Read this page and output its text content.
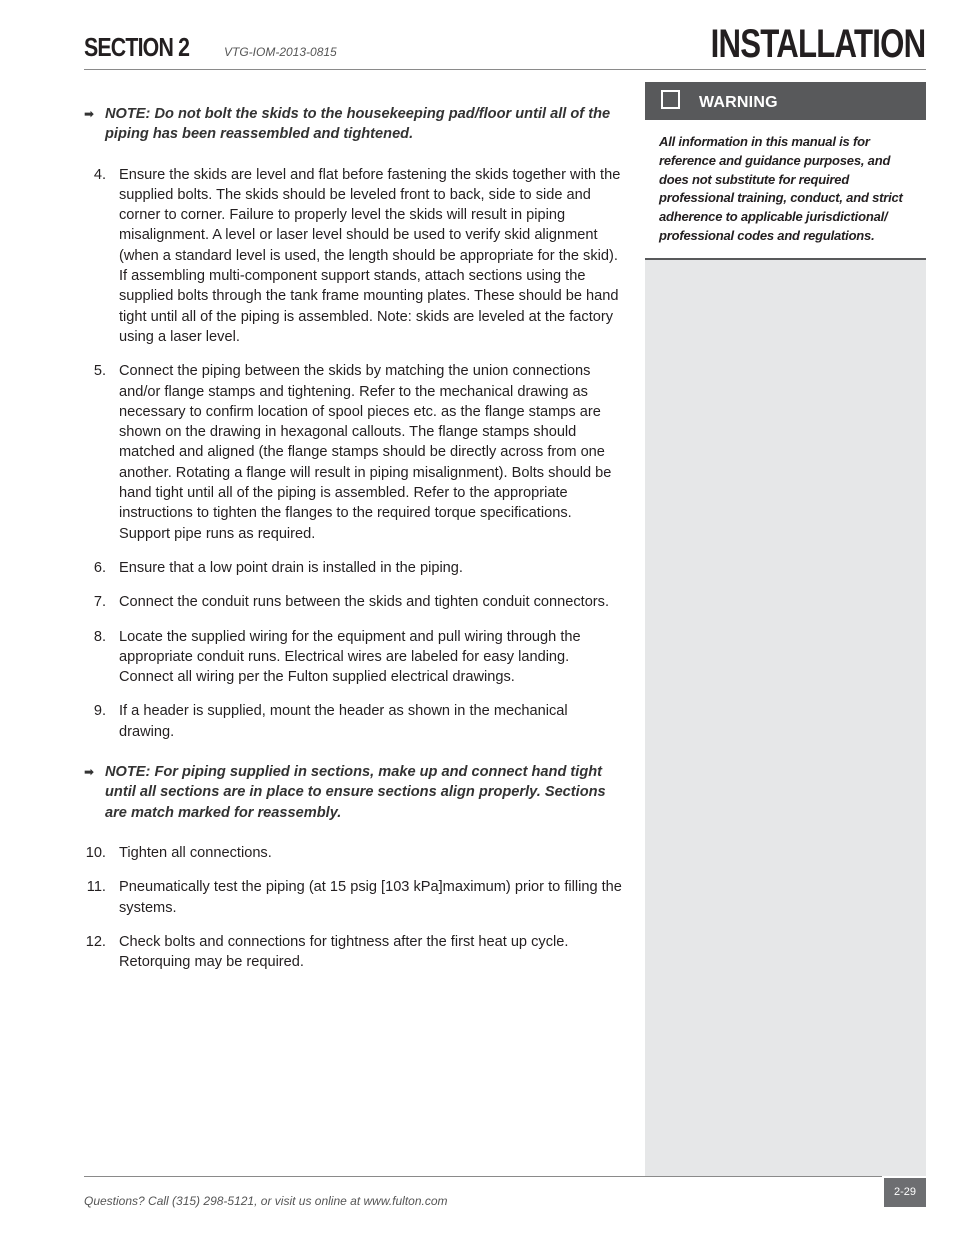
SECTION 2	VTG-IOM-2013-0815	INSTALLATION

➡ NOTE: Do not bolt the skids to the housekeeping pad/floor until all of the piping has been reassembled and tightened.

4. Ensure the skids are level and flat before fastening the skids together with the supplied bolts. The skids should be leveled front to back, side to side and corner to corner. Failure to properly level the skids will result in piping misalignment. A level or laser level should be used to verify skid alignment (when a standard level is used, the length should be appropriate for the skid). If assembling multi-component support stands, attach sections using the supplied bolts through the tank frame mounting plates. These should be hand tight until all of the piping is assembled. Note: skids are leveled at the factory using a laser level.

5. Connect the piping between the skids by matching the union connections and/or flange stamps and tightening. Refer to the mechanical drawing as necessary to confirm location of spool pieces etc. as the flange stamps are shown on the drawing in hexagonal callouts. The flange stamps should matched and aligned (the flange stamps should be directly across from one another. Rotating a flange will result in piping misalignment). Bolts should be hand tight until all of the piping is assembled. Refer to the appropriate instructions to tighten the flanges to the required torque specifications. Support pipe runs as required.

6. Ensure that a low point drain is installed in the piping.

7. Connect the conduit runs between the skids and tighten conduit connectors.

8. Locate the supplied wiring for the equipment and pull wiring through the appropriate conduit runs. Electrical wires are labeled for easy landing. Connect all wiring per the Fulton supplied electrical drawings.

9. If a header is supplied, mount the header as shown in the mechanical drawing.

➡ NOTE: For piping supplied in sections, make up and connect hand tight until all sections are in place to ensure sections align properly. Sections are match marked for reassembly.

10. Tighten all connections.

11. Pneumatically test the piping (at 15 psig [103 kPa]maximum) prior to filling the systems.

12. Check bolts and connections for tightness after the first heat up cycle. Retorquing may be required.

WARNING
All information in this manual is for reference and guidance purposes, and does not substitute for required professional training, conduct, and strict adherence to applicable jurisdictional/ professional codes and regulations.
Questions? Call (315) 298-5121, or visit us online at www.fulton.com
2-29
